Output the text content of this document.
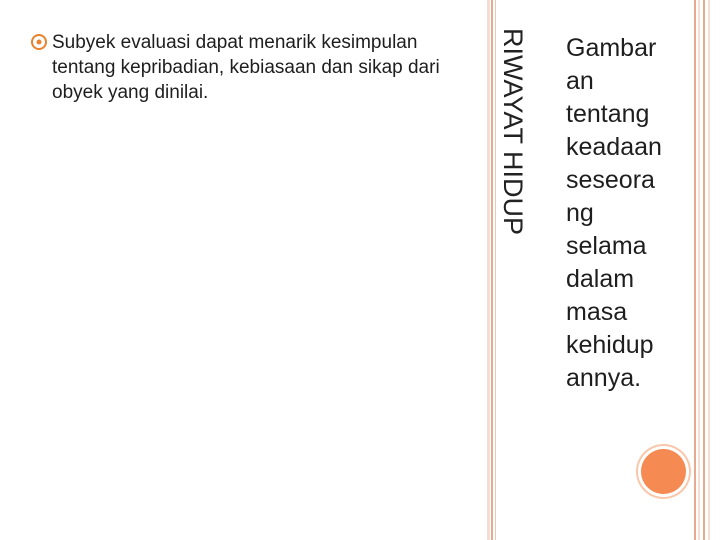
Subyek evaluasi dapat menarik kesimpulan tentang kepribadian, kebiasaan dan sikap dari obyek yang dinilai.	RIWAYAT HIDUP Gambar
an
tentang
keadaan
seseora
ng
selama
dalam
masa
kehidup
annya.
